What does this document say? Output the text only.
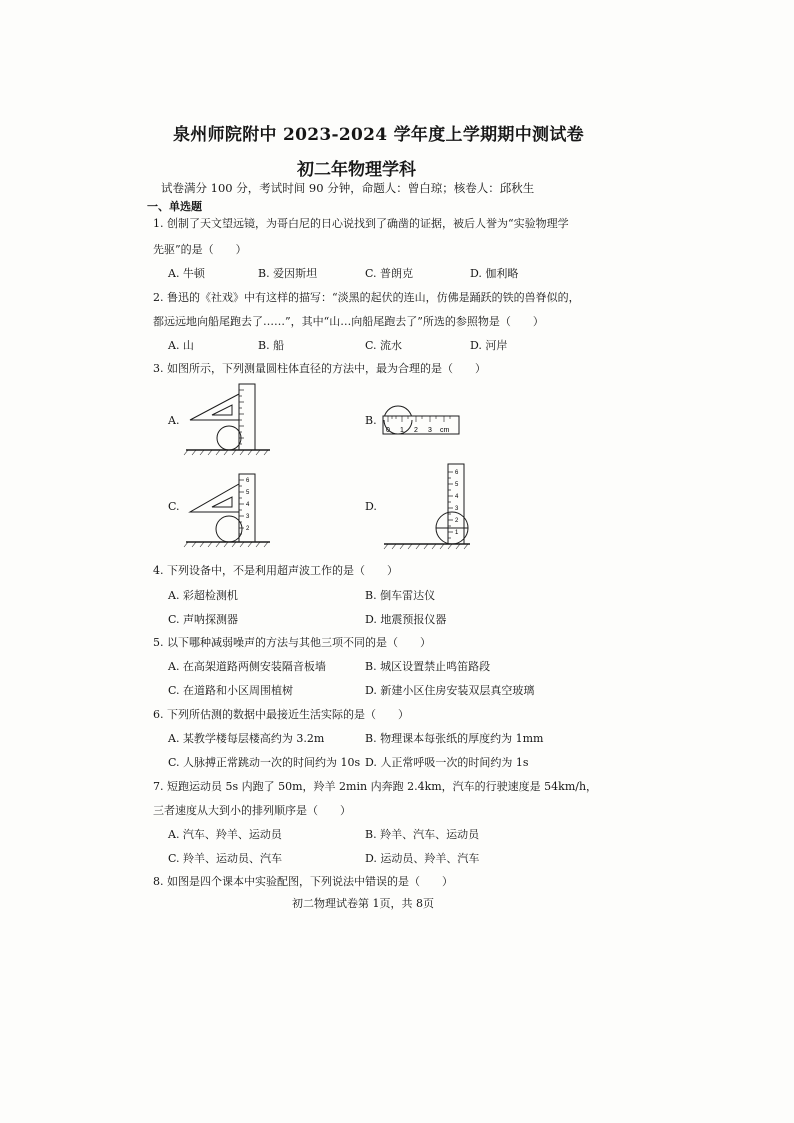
泉州师院附中 2023-2024 学年度上学期期中测试卷
初二年物理学科
试卷满分 100 分，考试时间 90 分钟，命题人：曾白琼；核卷人：邱秋生
一、单选题
1. 创制了天文望远镜，为哥白尼的日心说找到了确凿的证据，被后人誉为“实验物理学
先驱”的是（　　）
A. 牛顿	B. 爱因斯坦	C. 普朗克	D. 伽利略
2. 鲁迅的《社戏》中有这样的描写：“淡黑的起伏的连山，仿佛是踊跃的铁的兽脊似的，
都远远地向船尾跑去了……”，其中“山…向船尾跑去了”所选的参照物是（　　）
A. 山	B. 船	C. 流水	D. 河岸
3. 如图所示，下列测量圆柱体直径的方法中，最为合理的是（　　）
A.	B.
0 1 2 3 cm
C.
6
5
4
3
2
D.
6
5
4
3
2
1
4. 下列设备中，不是利用超声波工作的是（　　）
A. 彩超检测机	B. 倒车雷达仪
C. 声呐探测器	D. 地震预报仪器
5. 以下哪种减弱噪声的方法与其他三项不同的是（　　）
A. 在高架道路两侧安装隔音板墙	B. 城区设置禁止鸣笛路段
C. 在道路和小区周围植树	D. 新建小区住房安装双层真空玻璃
6. 下列所估测的数据中最接近生活实际的是（　　）
A. 某教学楼每层楼高约为 3.2m	B. 物理课本每张纸的厚度约为 1mm
C. 人脉搏正常跳动一次的时间约为 10s D. 人正常呼吸一次的时间约为 1s
7. 短跑运动员 5s 内跑了 50m，羚羊 2min 内奔跑 2.4km，汽车的行驶速度是 54km/h，
三者速度从大到小的排列顺序是（　　）
A. 汽车、羚羊、运动员	B. 羚羊、汽车、运动员
C. 羚羊、运动员、汽车	D. 运动员、羚羊、汽车
8. 如图是四个课本中实验配图，下列说法中错误的是（　　）
初二物理试卷第 1页，共 8页
